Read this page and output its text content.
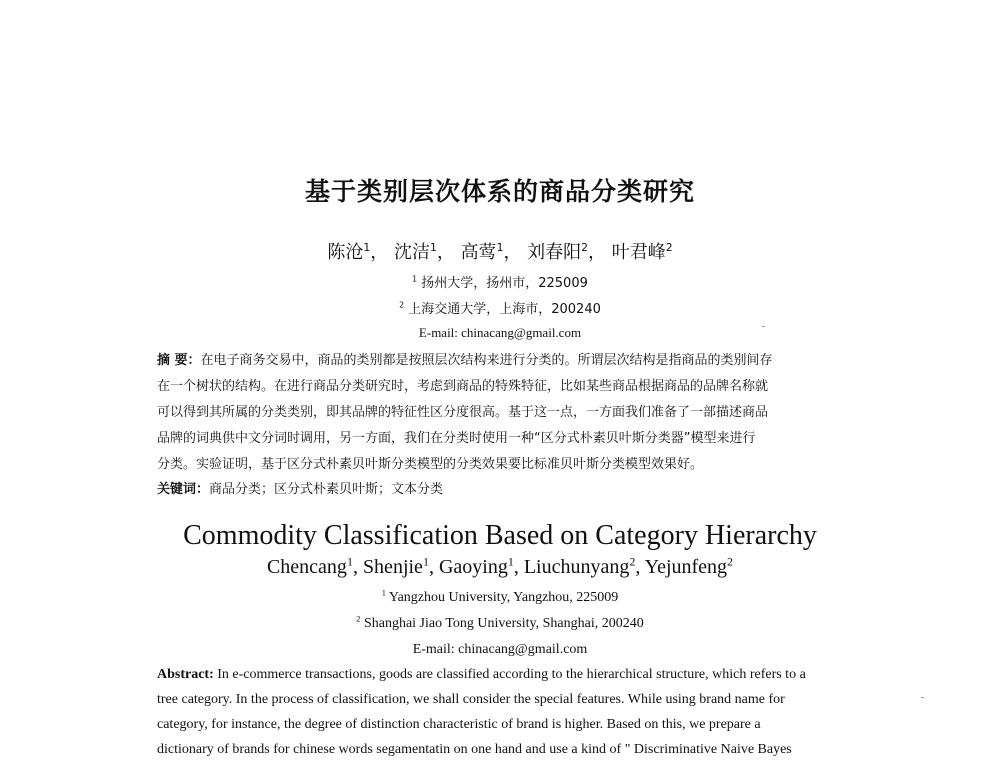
基于类别层次体系的商品分类研究
陈沧$^1$， 沈洁$^1$， 高莺$^1$， 刘春阳$^2$， 叶君峰$^2$
$^1$ 扬州大学，扬州市，225009
$^2$ 上海交通大学，上海市，200240
E-mail: chinacang@gmail.com
摘 要：在电子商务交易中，商品的类别都是按照层次结构来进行分类的。所谓层次结构是指商品的类别间存
在一个树状的结构。在进行商品分类研究时，考虑到商品的特殊特征，比如某些商品根据商品的品牌名称就
可以得到其所属的分类类别，即其品牌的特征性区分度很高。基于这一点，一方面我们准备了一部描述商品
品牌的词典供中文分词时调用，另一方面，我们在分类时使用一种“区分式朴素贝叶斯分类器”模型来进行
分类。实验证明，基于区分式朴素贝叶斯分类模型的分类效果要比标准贝叶斯分类模型效果好。
关键词：商品分类；区分式朴素贝叶斯；文本分类
Commodity Classification Based on Category Hierarchy
Chencang$^1$, Shenjie$^1$, Gaoying$^1$, Liuchunyang$^2$, Yejunfeng$^2$
$^1$ Yangzhou University, Yangzhou, 225009
$^2$ Shanghai Jiao Tong University, Shanghai, 200240
E-mail: chinacang@gmail.com
Abstract: In e-commerce transactions, goods are classified according to the hierarchical structure, which refers to a
tree category. In the process of classification, we shall consider the special features. While using brand name for
category, for instance, the degree of distinction characteristic of brand is higher. Based on this, we prepare a
dictionary of brands for chinese words segamentatin on one hand and use a kind of " Discriminative Naive Bayes
